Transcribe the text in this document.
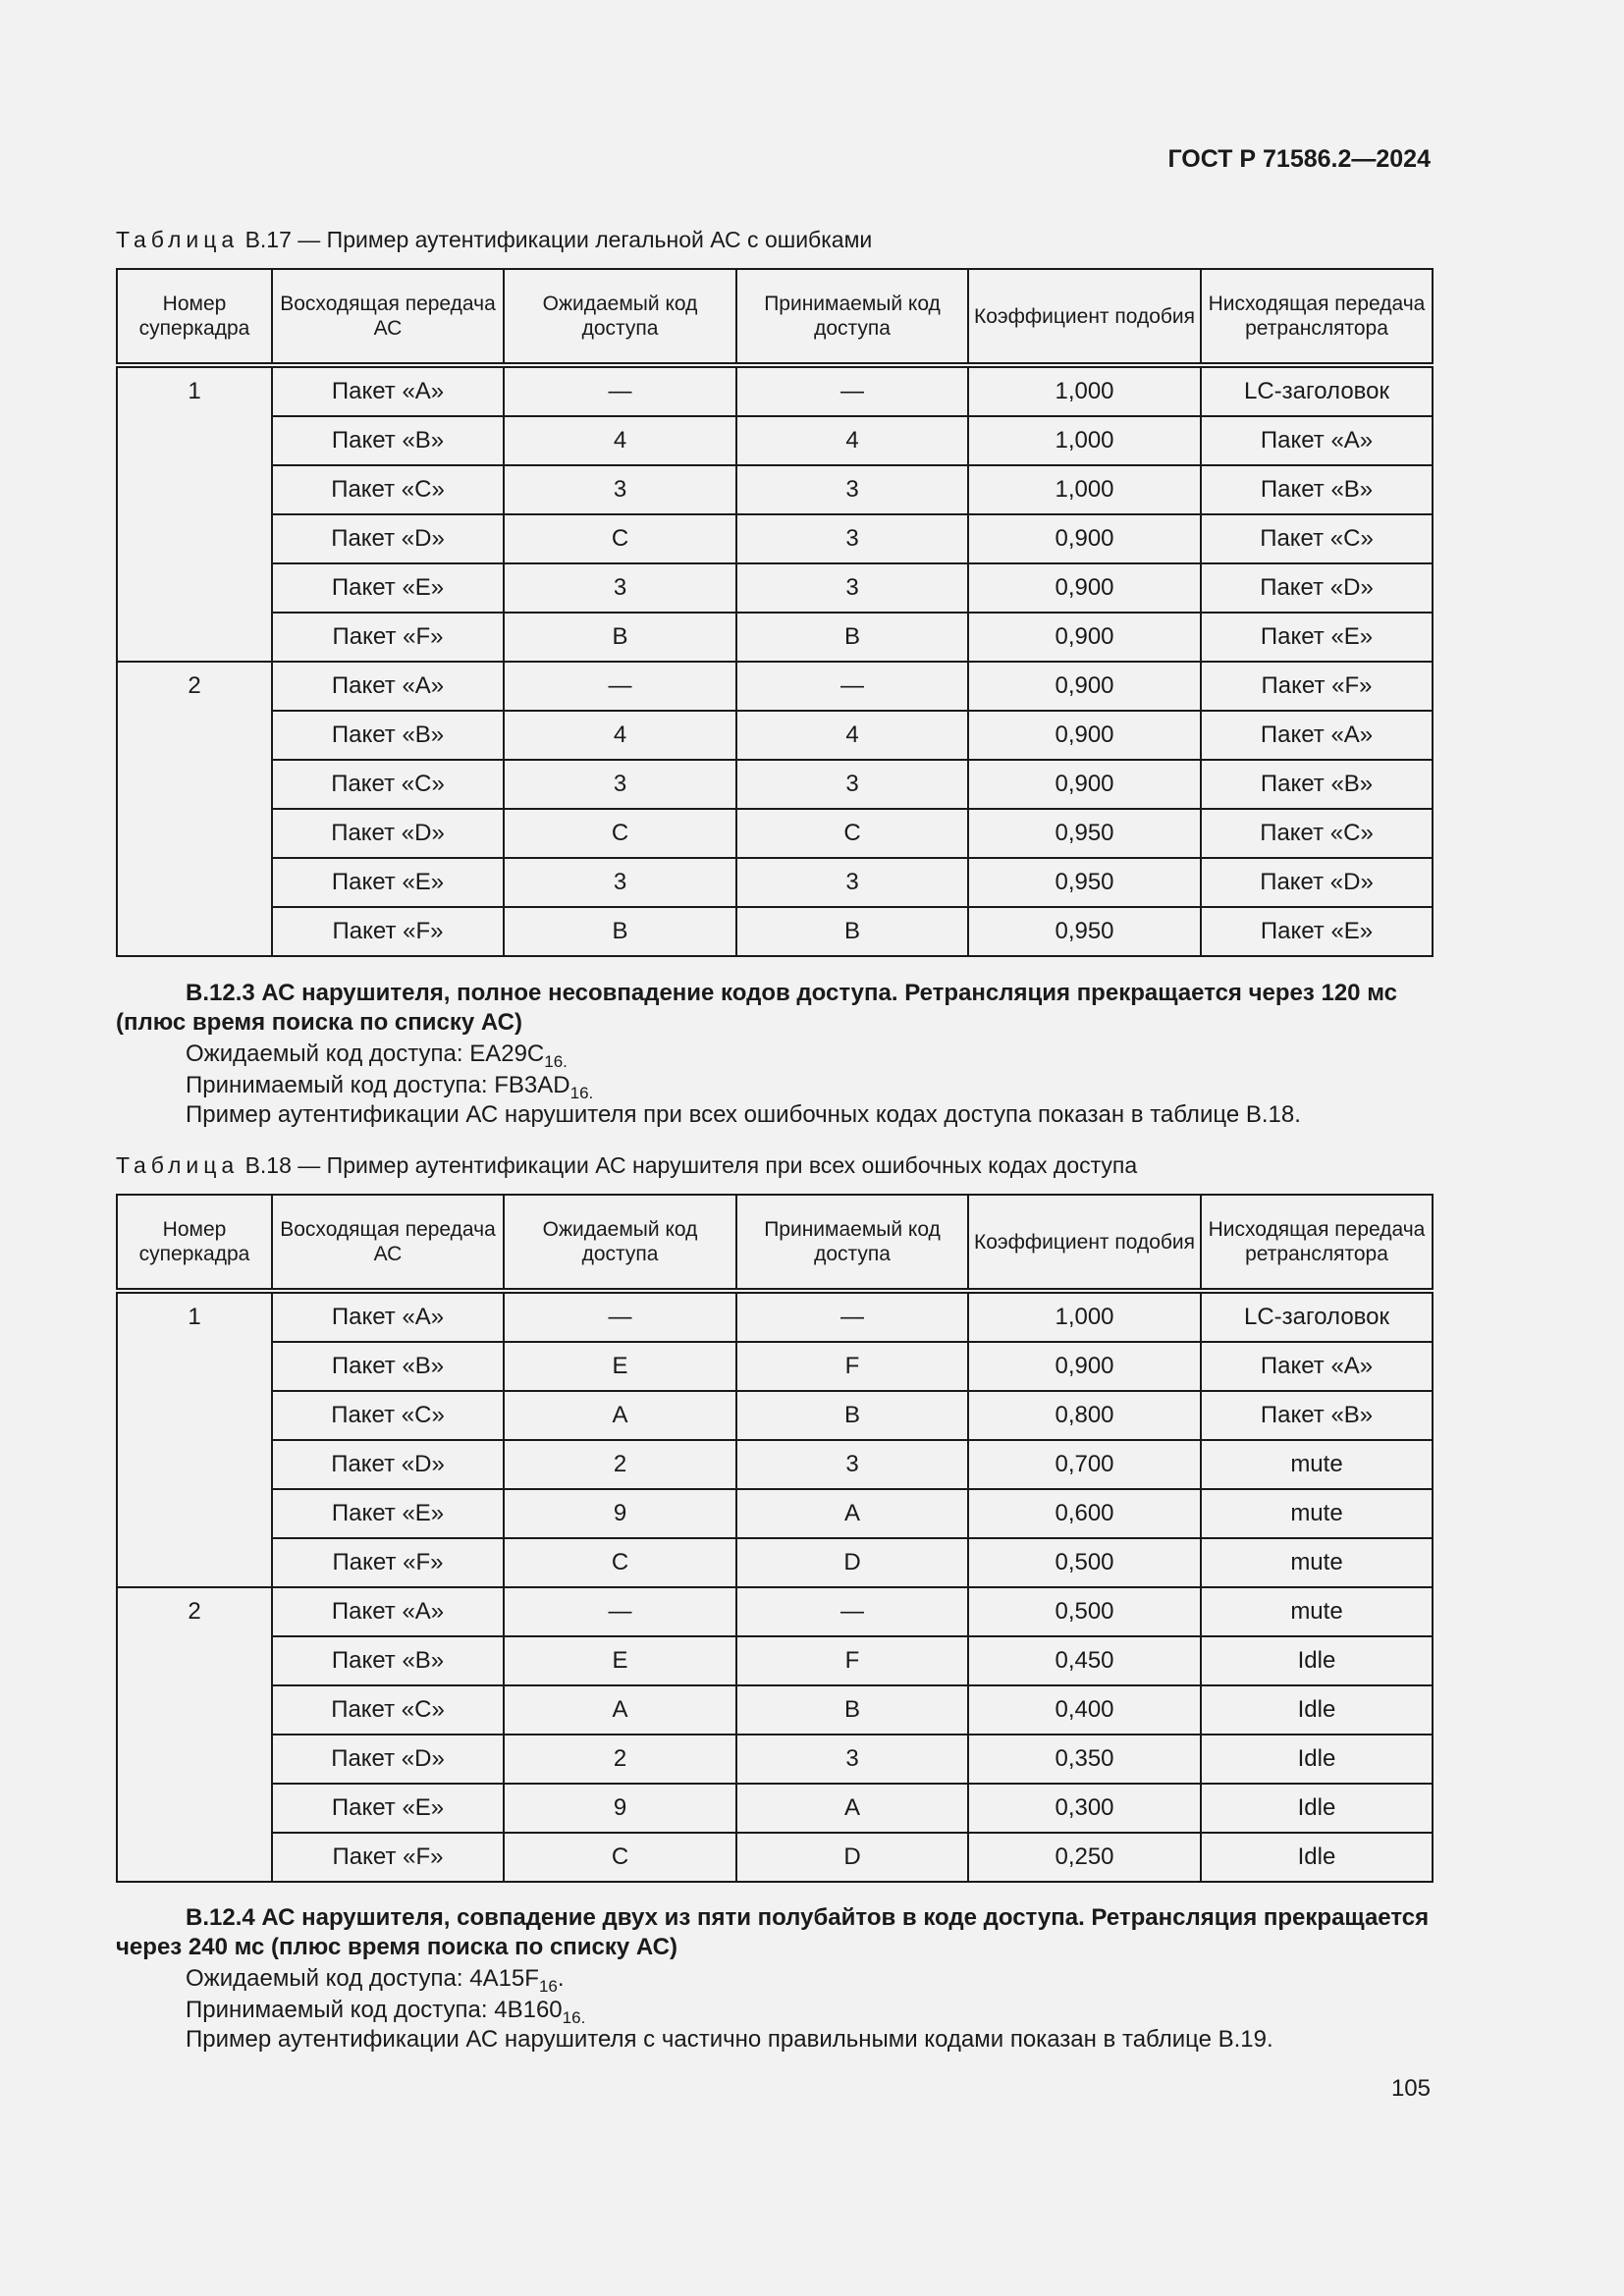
ГОСТ Р 71586.2—2024
Таблица В.17 — Пример аутентификации легальной АС с ошибками
Номер суперкадра	Восходящая передача АС	Ожидаемый код доступа	Принимаемый код доступа	Коэффициент подобия	Нисходящая передача ретранслятора
1	Пакет «А»	—	—	1,000	LC-заголовок
	Пакет «В»	4	4	1,000	Пакет «А»
	Пакет «С»	3	3	1,000	Пакет «В»
	Пакет «D»	C	3	0,900	Пакет «С»
	Пакет «Е»	3	3	0,900	Пакет «D»
	Пакет «F»	B	B	0,900	Пакет «Е»
2	Пакет «А»	—	—	0,900	Пакет «F»
	Пакет «В»	4	4	0,900	Пакет «А»
	Пакет «С»	3	3	0,900	Пакет «В»
	Пакет «D»	C	C	0,950	Пакет «С»
	Пакет «Е»	3	3	0,950	Пакет «D»
	Пакет «F»	B	B	0,950	Пакет «Е»

В.12.3 АС нарушителя, полное несовпадение кодов доступа. Ретрансляция прекращается через 120 мс (плюс время поиска по списку АС)

Ожидаемый код доступа: $EA29C_{16.}$
Принимаемый код доступа: $FB3AD_{16.}$
Пример аутентификации АС нарушителя при всех ошибочных кодах доступа показан в таблице В.18.
Таблица В.18 — Пример аутентификации АС нарушителя при всех ошибочных кодах доступа
Номер суперкадра	Восходящая передача АС	Ожидаемый код доступа	Принимаемый код доступа	Коэффициент подобия	Нисходящая передача ретранслятора
1	Пакет «А»	—	—	1,000	LC-заголовок
	Пакет «В»	E	F	0,900	Пакет «А»
	Пакет «С»	A	B	0,800	Пакет «В»
	Пакет «D»	2	3	0,700	mute
	Пакет «Е»	9	A	0,600	mute
	Пакет «F»	C	D	0,500	mute
2	Пакет «А»	—	—	0,500	mute
	Пакет «В»	E	F	0,450	Idle
	Пакет «С»	A	B	0,400	Idle
	Пакет «D»	2	3	0,350	Idle
	Пакет «Е»	9	A	0,300	Idle
	Пакет «F»	C	D	0,250	Idle

В.12.4 АС нарушителя, совпадение двух из пяти полубайтов в коде доступа. Ретрансляция прекращается через 240 мс (плюс время поиска по списку АС)

Ожидаемый код доступа: $4A15F_{16}$.
Принимаемый код доступа: $4B160_{16.}$
Пример аутентификации АС нарушителя с частично правильными кодами показан в таблице В.19.
105
